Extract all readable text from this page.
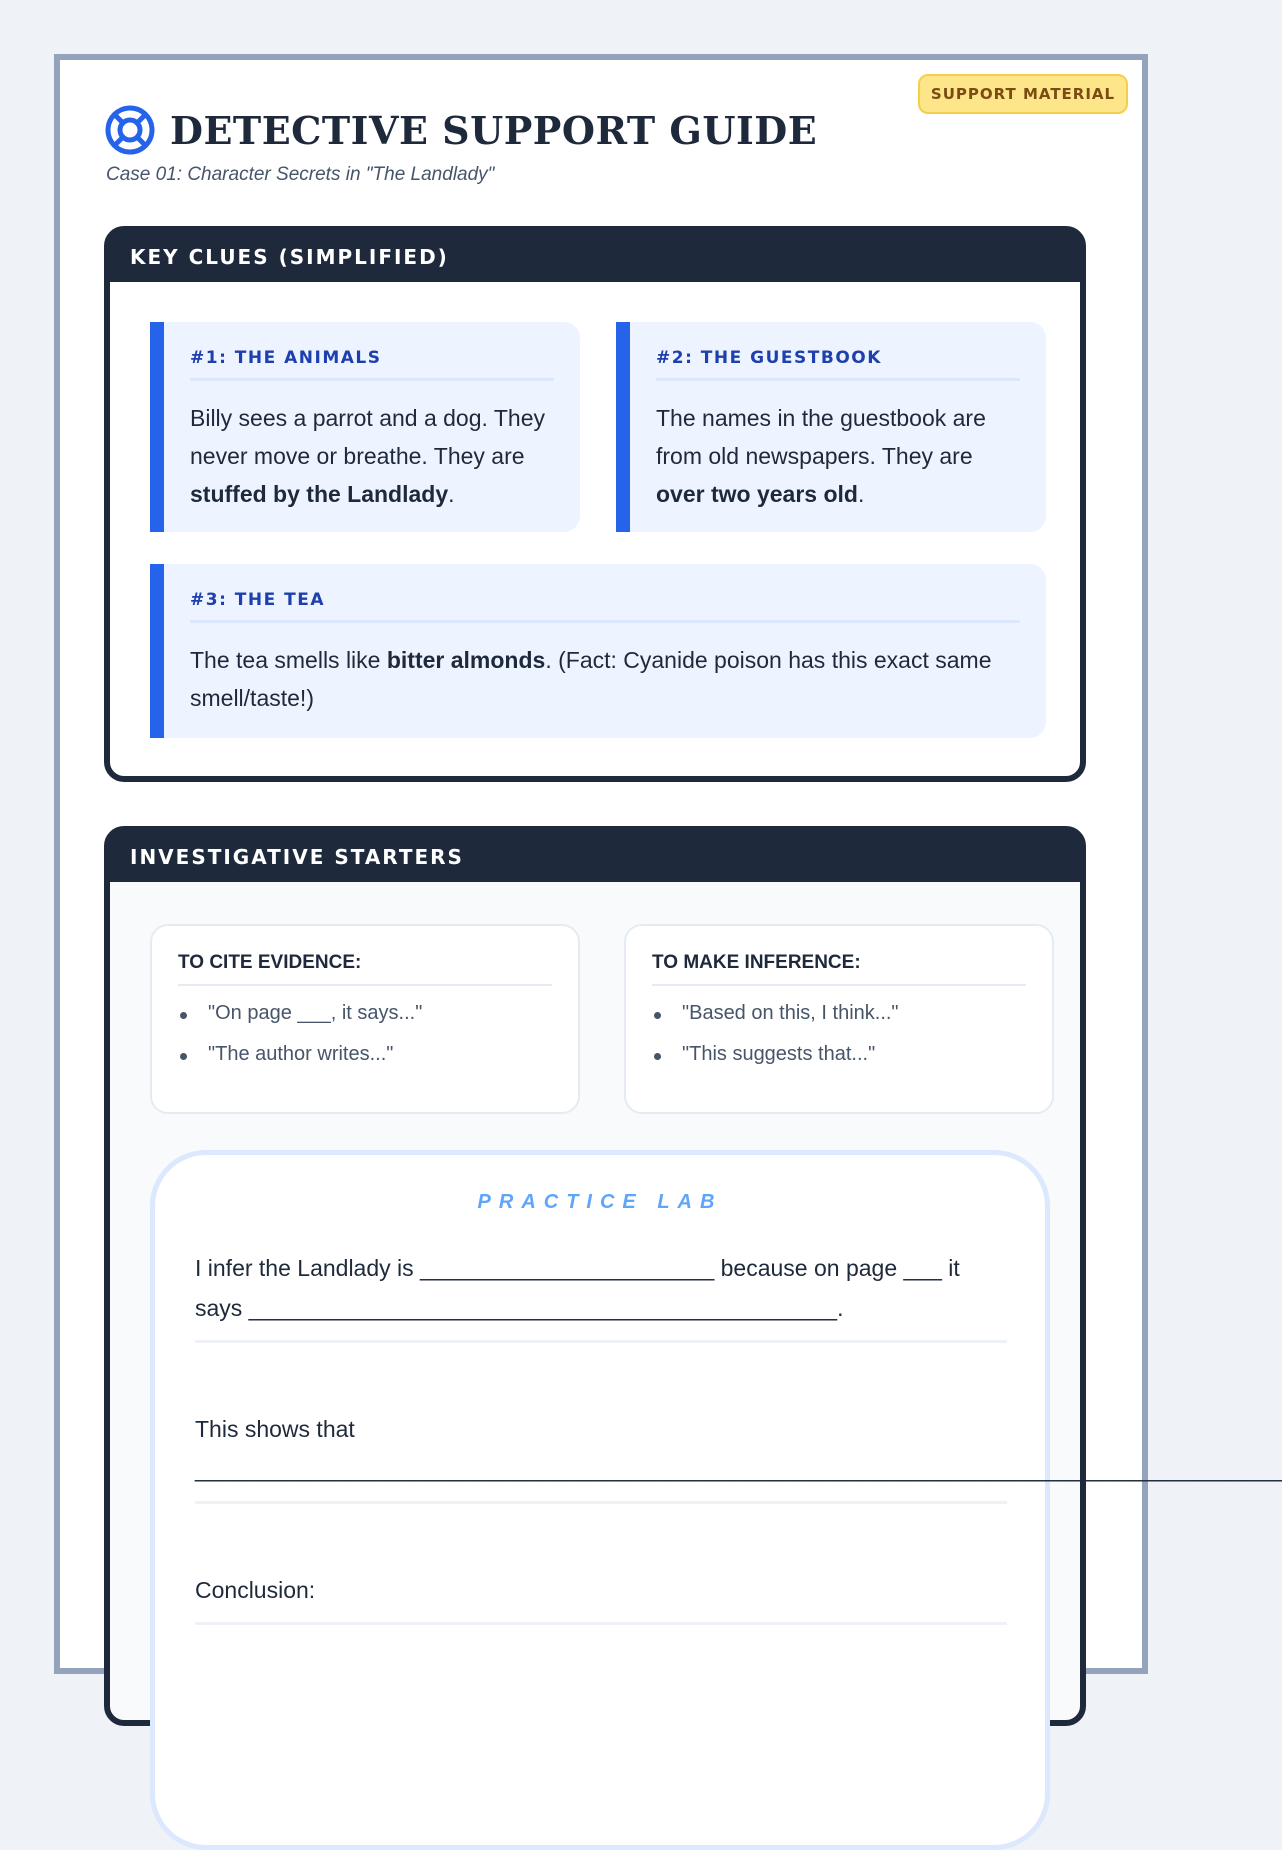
SUPPORT MATERIAL
DETECTIVE SUPPORT GUIDE
Case 01: Character Secrets in "The Landlady"
KEY CLUES (SIMPLIFIED)
#1: THE ANIMALS

Billy sees a parrot and a dog. They never move or breathe. They are stuffed by the Landlady.

#2: THE GUESTBOOK

The names in the guestbook are from old newspapers. They are over two years old.

#3: THE TEA

The tea smells like bitter almonds. (Fact: Cyanide poison has this exact same smell/taste!)

INVESTIGATIVE STARTERS
TO CITE EVIDENCE:
"On page ___, it says..."
"The author writes..."
TO MAKE INFERENCE:
"Based on this, I think..."
"This suggests that..."
PRACTICE LAB

I infer the Landlady is _______________________ because on page ___ it says ______________________________________________.

This shows that _____________________________________________________________________________________

Conclusion:
